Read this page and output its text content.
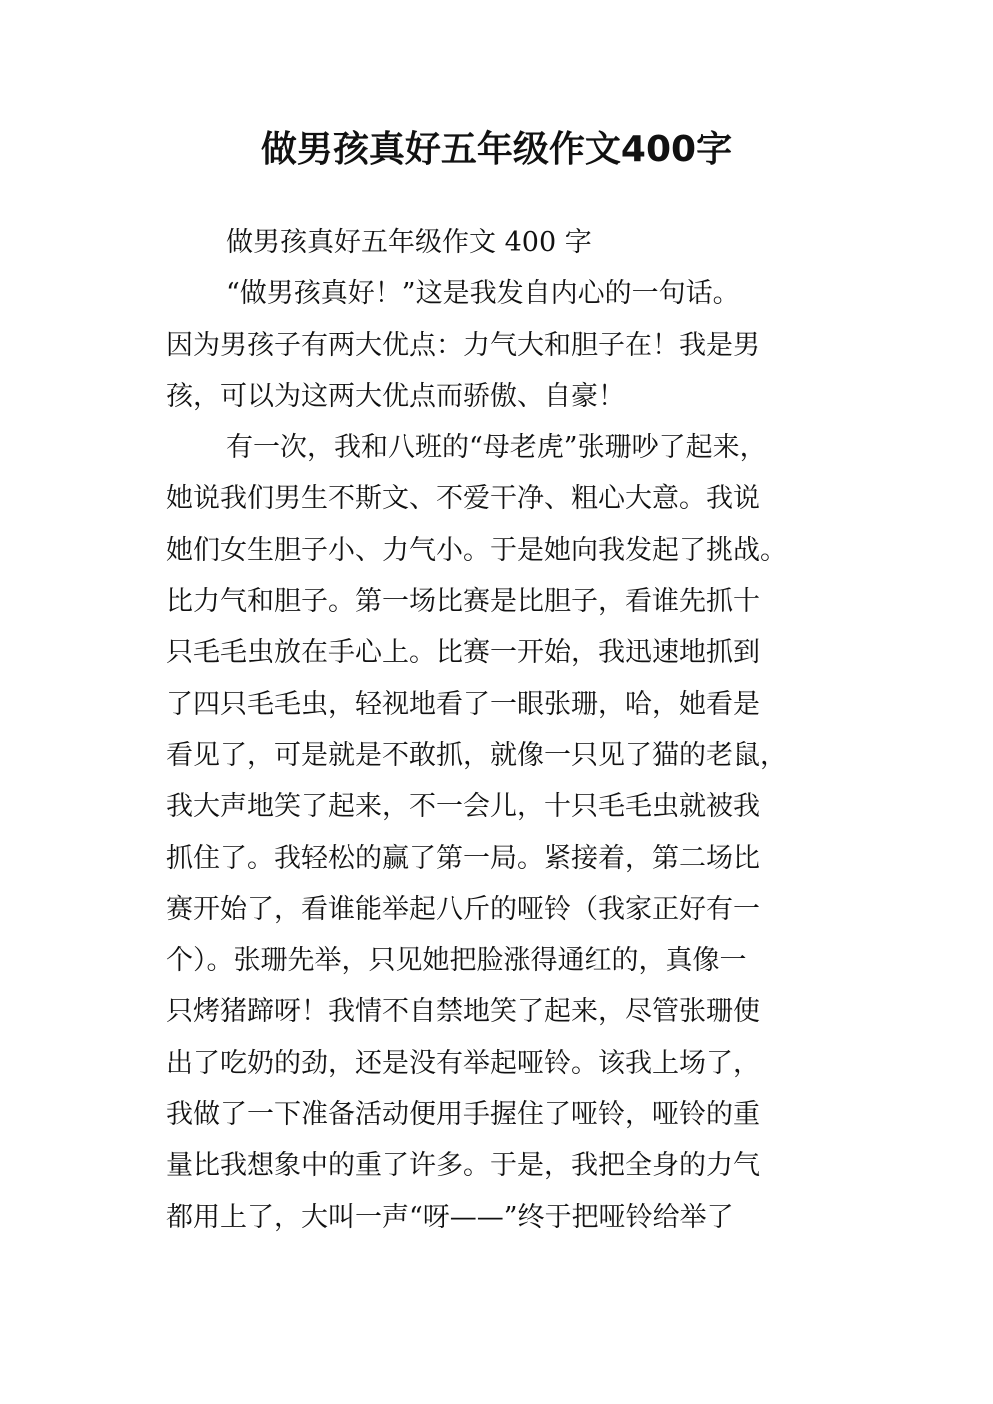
做男孩真好五年级作文400字
做男孩真好五年级作文 400 字
“做男孩真好！”这是我发自内心的一句话。
因为男孩子有两大优点：力气大和胆子在！我是男
孩，可以为这两大优点而骄傲、自豪！
有一次，我和八班的“母老虎”张珊吵了起来，
她说我们男生不斯文、不爱干净、粗心大意。我说
她们女生胆子小、力气小。于是她向我发起了挑战。
比力气和胆子。第一场比赛是比胆子，看谁先抓十
只毛毛虫放在手心上。比赛一开始，我迅速地抓到
了四只毛毛虫，轻视地看了一眼张珊，哈，她看是
看见了，可是就是不敢抓，就像一只见了猫的老鼠，
我大声地笑了起来，不一会儿，十只毛毛虫就被我
抓住了。我轻松的赢了第一局。紧接着，第二场比
赛开始了，看谁能举起八斤的哑铃（我家正好有一
个）。张珊先举，只见她把脸涨得通红的，真像一
只烤猪蹄呀！我情不自禁地笑了起来，尽管张珊使
出了吃奶的劲，还是没有举起哑铃。该我上场了，
我做了一下准备活动便用手握住了哑铃，哑铃的重
量比我想象中的重了许多。于是，我把全身的力气
都用上了，大叫一声“呀——”终于把哑铃给举了
